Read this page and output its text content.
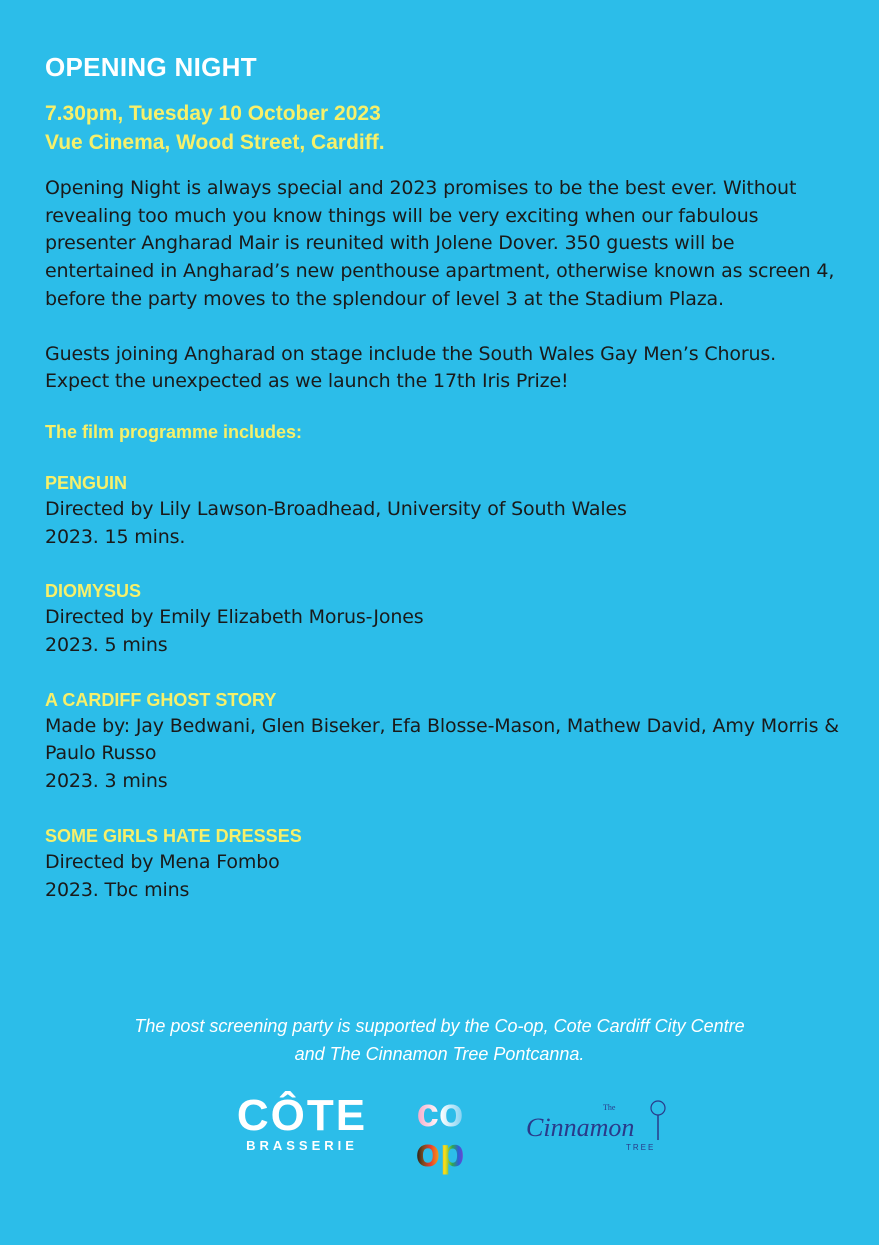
OPENING NIGHT
7.30pm, Tuesday 10 October 2023
Vue Cinema, Wood Street, Cardiff.

Opening Night is always special and 2023 promises to be the best ever. Without revealing too much you know things will be very exciting when our fabulous presenter Angharad Mair is reunited with Jolene Dover. 350 guests will be entertained in Angharad’s new penthouse apartment, otherwise known as screen 4, before the party moves to the splendour of level 3 at the Stadium Plaza.

Guests joining Angharad on stage include the South Wales Gay Men’s Chorus. Expect the unexpected as we launch the 17th Iris Prize!

The film programme includes:
PENGUIN
Directed by Lily Lawson-Broadhead, University of South Wales
2023. 15 mins.
DIOMYSUS
Directed by Emily Elizabeth Morus-Jones
2023. 5 mins
A CARDIFF GHOST STORY
Made by: Jay Bedwani, Glen Biseker, Efa Blosse-Mason, Mathew David, Amy Morris & Paulo Russo
2023. 3 mins
SOME GIRLS HATE DRESSES
Directed by Mena Fombo
2023. Tbc mins
The post screening party is supported by the Co-op, Cote Cardiff City Centre
and The Cinnamon Tree Pontcanna.
CÔTE
BRASSERIE
co
op
The
Cinnamon
TREE
